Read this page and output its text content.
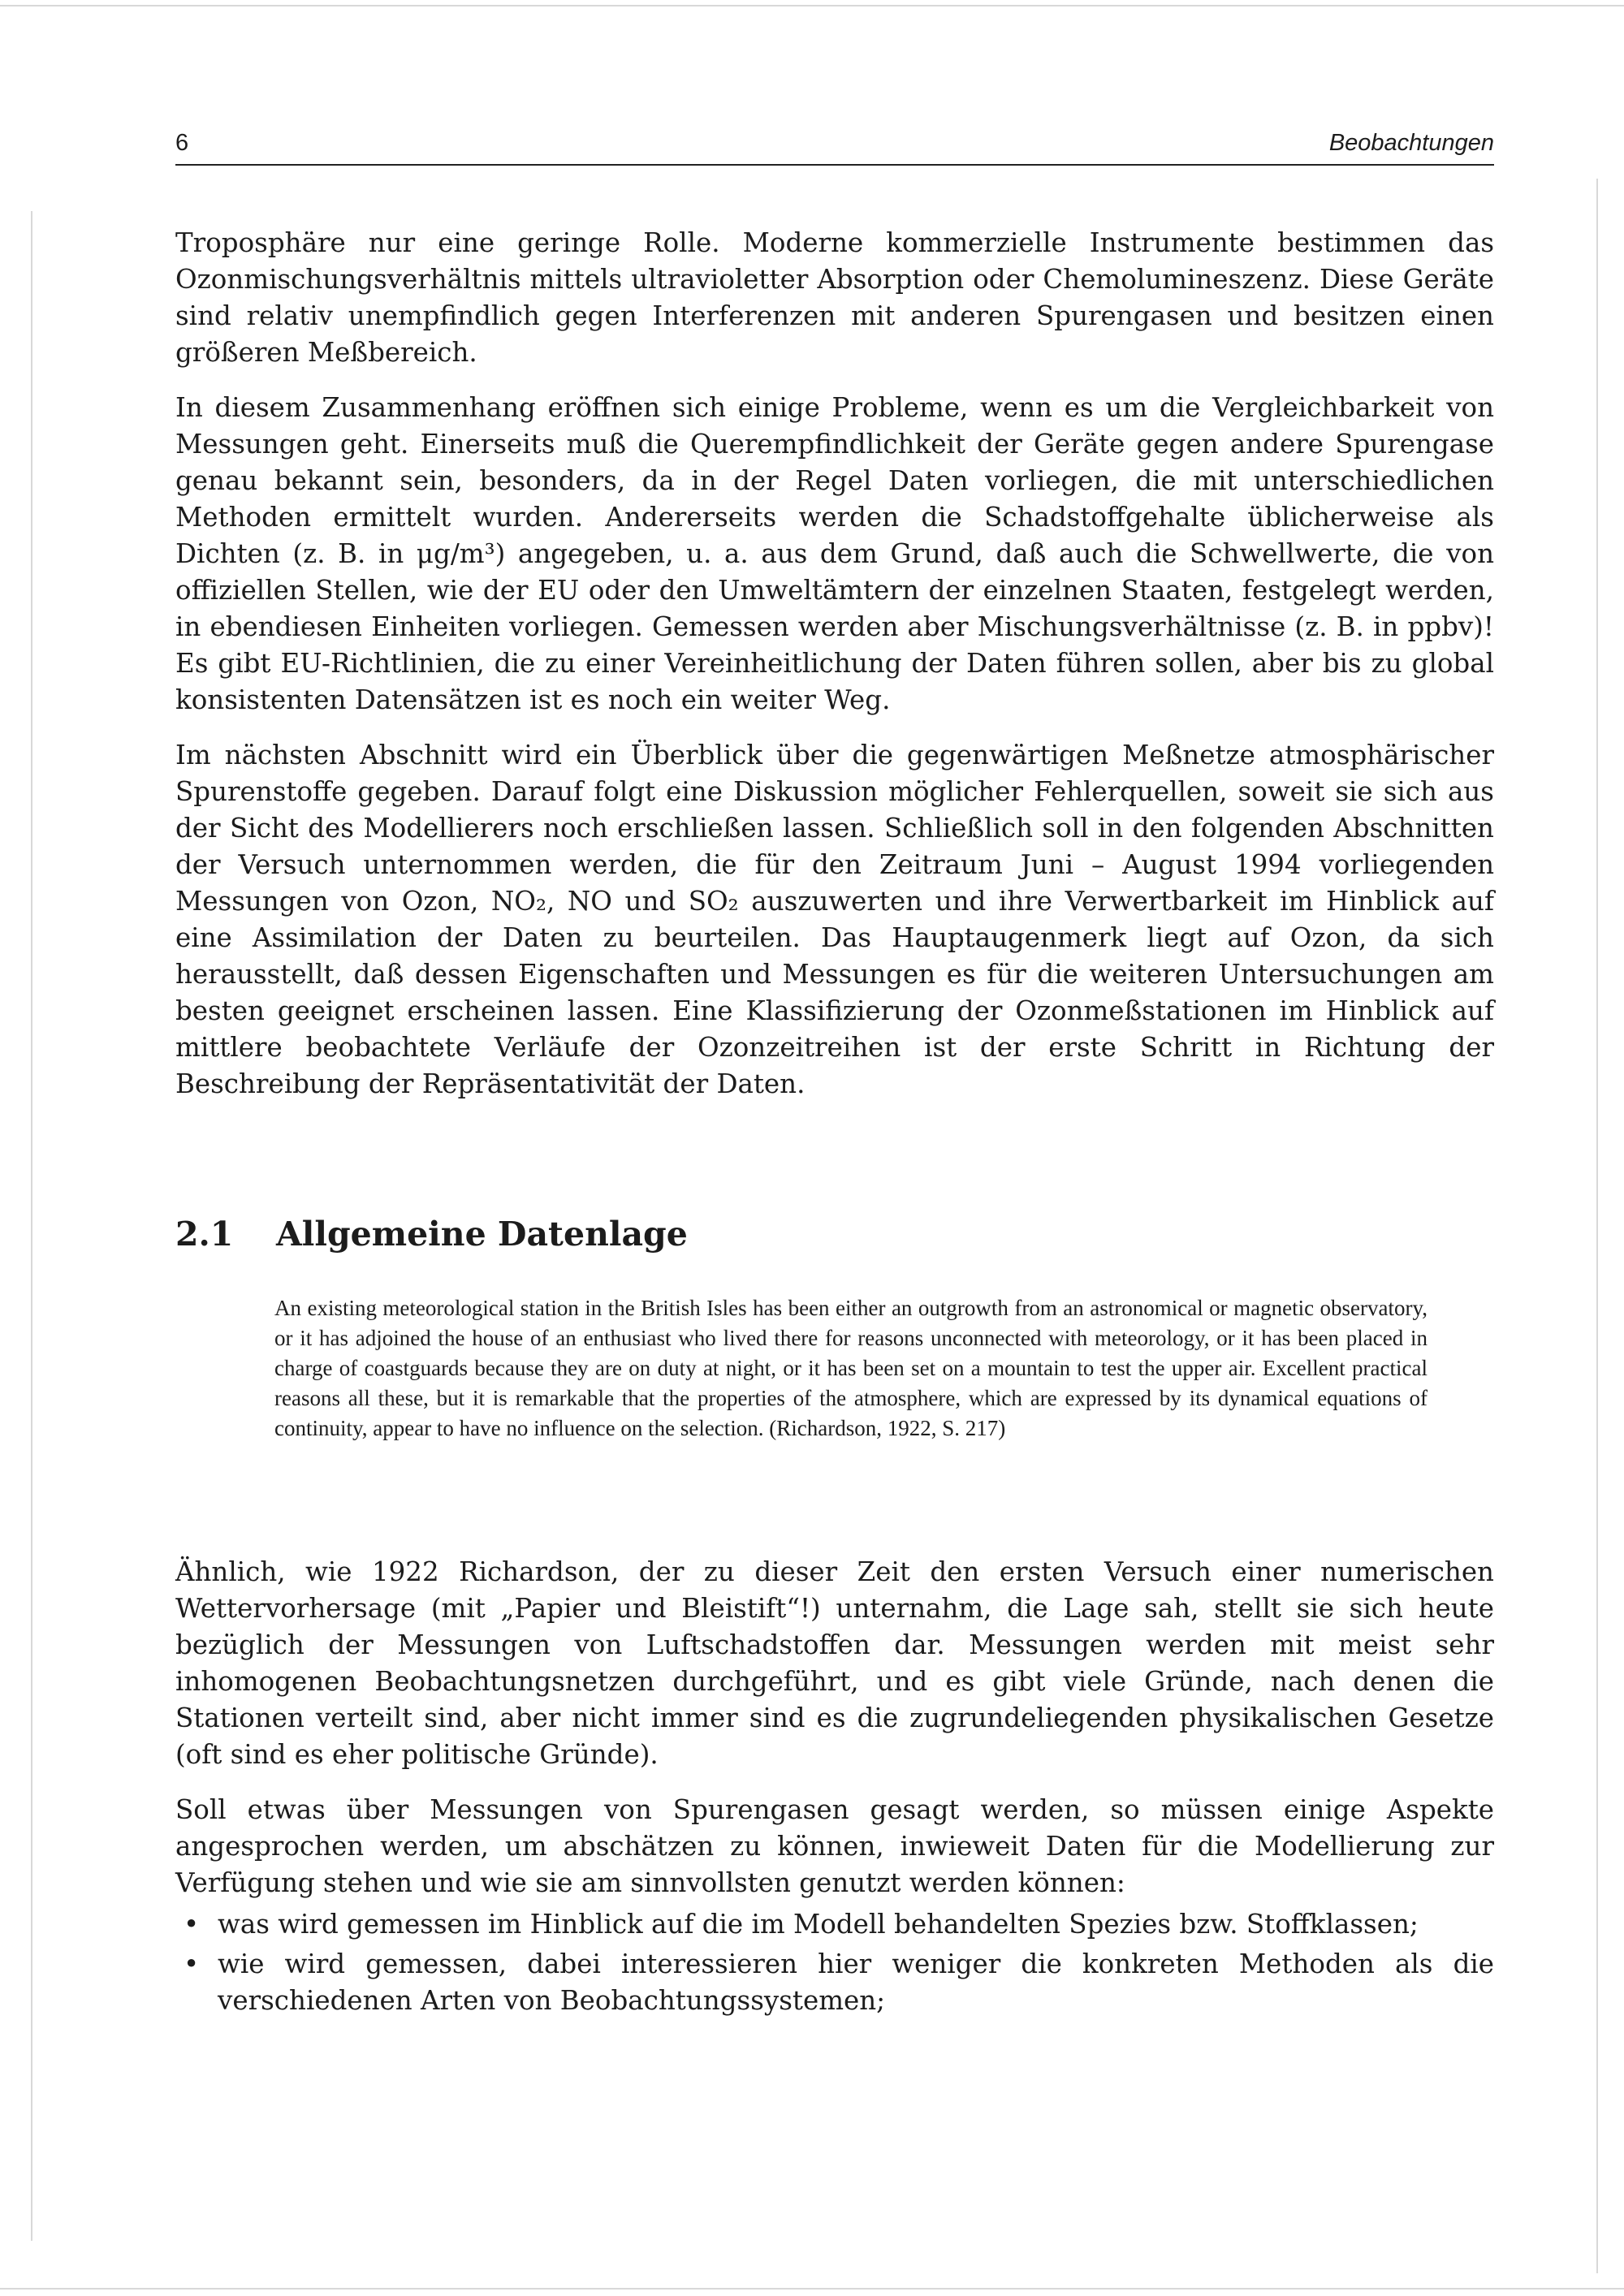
6	Beobachtungen

Troposphäre nur eine geringe Rolle. Moderne kommerzielle Instrumente bestimmen das Ozonmischungsverhältnis mittels ultravioletter Absorption oder Chemolumineszenz. Diese Geräte sind relativ unempfindlich gegen Interferenzen mit anderen Spurengasen und besitzen einen größeren Meßbereich.

In diesem Zusammenhang eröffnen sich einige Probleme, wenn es um die Vergleichbarkeit von Messungen geht. Einerseits muß die Querempfindlichkeit der Geräte gegen andere Spurengase genau bekannt sein, besonders, da in der Regel Daten vorliegen, die mit unterschiedlichen Methoden ermittelt wurden. Andererseits werden die Schadstoffgehalte üblicherweise als Dichten (z. B. in μg/m³) angegeben, u. a. aus dem Grund, daß auch die Schwellwerte, die von offiziellen Stellen, wie der EU oder den Umweltämtern der einzelnen Staaten, festgelegt werden, in ebendiesen Einheiten vorliegen. Gemessen werden aber Mischungsverhältnisse (z. B. in ppbv)! Es gibt EU-Richtlinien, die zu einer Vereinheitlichung der Daten führen sollen, aber bis zu global konsistenten Datensätzen ist es noch ein weiter Weg.

Im nächsten Abschnitt wird ein Überblick über die gegenwärtigen Meßnetze atmosphärischer Spurenstoffe gegeben. Darauf folgt eine Diskussion möglicher Fehlerquellen, soweit sie sich aus der Sicht des Modellierers noch erschließen lassen. Schließlich soll in den folgenden Abschnitten der Versuch unternommen werden, die für den Zeitraum Juni – August 1994 vorliegenden Messungen von Ozon, NO₂, NO und SO₂ auszuwerten und ihre Verwertbarkeit im Hinblick auf eine Assimilation der Daten zu beurteilen. Das Hauptaugenmerk liegt auf Ozon, da sich herausstellt, daß dessen Eigenschaften und Messungen es für die weiteren Untersuchungen am besten geeignet erscheinen lassen. Eine Klassifizierung der Ozonmeßstationen im Hinblick auf mittlere beobachtete Verläufe der Ozonzeitreihen ist der erste Schritt in Richtung der Beschreibung der Repräsentativität der Daten.

2.1 Allgemeine Datenlage

An existing meteorological station in the British Isles has been either an outgrowth from an astronomical or magnetic observatory, or it has adjoined the house of an enthusiast who lived there for reasons unconnected with meteorology, or it has been placed in charge of coastguards because they are on duty at night, or it has been set on a mountain to test the upper air. Excellent practical reasons all these, but it is remarkable that the properties of the atmosphere, which are expressed by its dynamical equations of continuity, appear to have no influence on the selection. (Richardson, 1922, S. 217)

Ähnlich, wie 1922 Richardson, der zu dieser Zeit den ersten Versuch einer numerischen Wettervorhersage (mit „Papier und Bleistift“!) unternahm, die Lage sah, stellt sie sich heute bezüglich der Messungen von Luftschadstoffen dar. Messungen werden mit meist sehr inhomogenen Beobachtungsnetzen durchgeführt, und es gibt viele Gründe, nach denen die Stationen verteilt sind, aber nicht immer sind es die zugrundeliegenden physikalischen Gesetze (oft sind es eher politische Gründe).

Soll etwas über Messungen von Spurengasen gesagt werden, so müssen einige Aspekte angesprochen werden, um abschätzen zu können, inwieweit Daten für die Modellierung zur Verfügung stehen und wie sie am sinnvollsten genutzt werden können:

• was wird gemessen im Hinblick auf die im Modell behandelten Spezies bzw. Stoffklassen;
• wie wird gemessen, dabei interessieren hier weniger die konkreten Methoden als die verschiedenen Arten von Beobachtungssystemen;
